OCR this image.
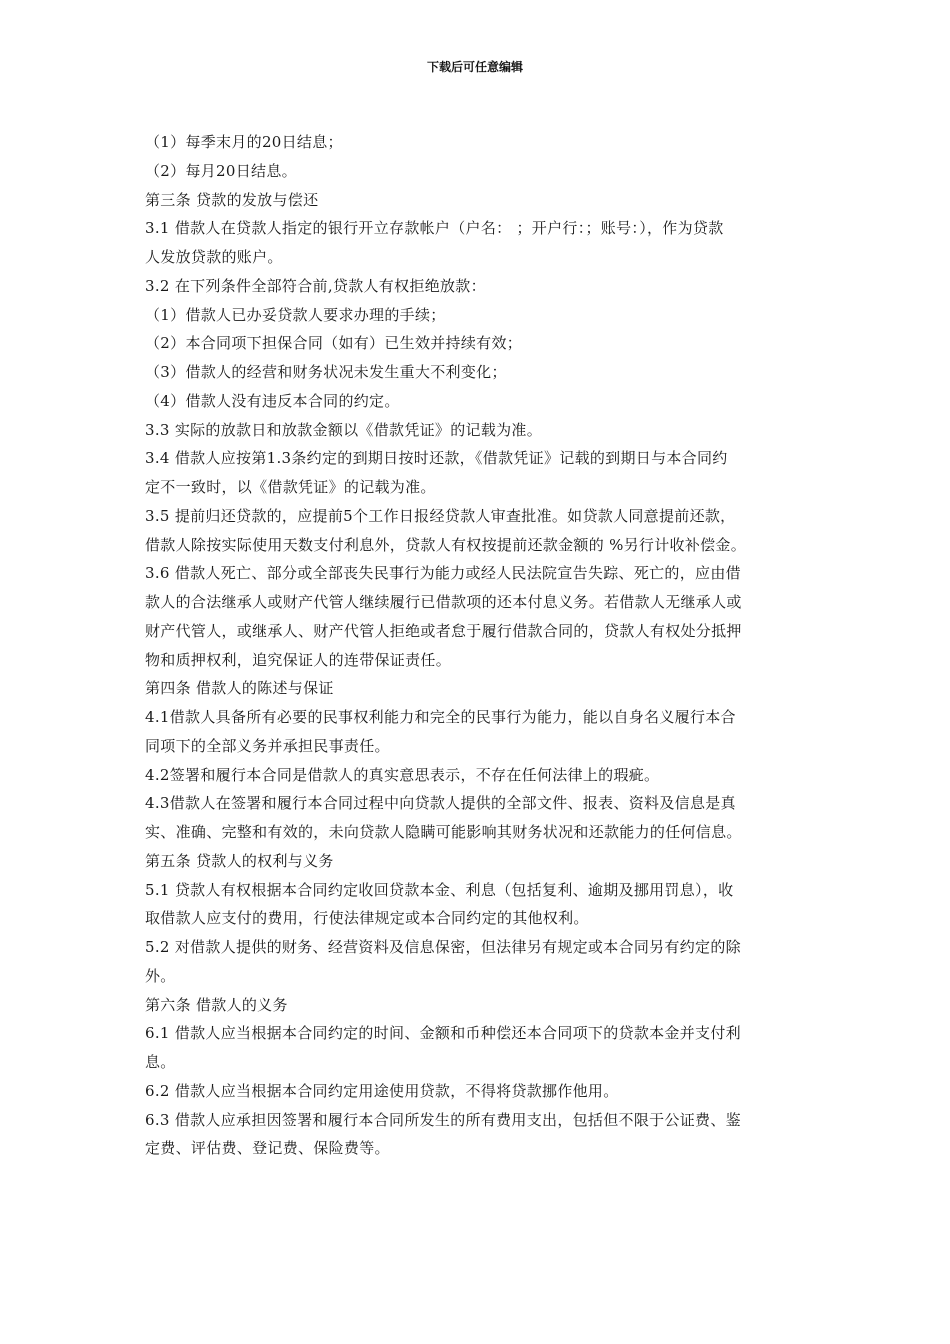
下载后可任意编辑
（1）每季末月的20日结息；
（2）每月20日结息。
第三条 贷款的发放与偿还
3.1 借款人在贷款人指定的银行开立存款帐户（户名： ；开户行：；账号：），作为贷款
人发放贷款的账户。
3.2 在下列条件全部符合前,贷款人有权拒绝放款：
（1）借款人已办妥贷款人要求办理的手续；
（2）本合同项下担保合同（如有）已生效并持续有效；
（3）借款人的经营和财务状况未发生重大不利变化；
（4）借款人没有违反本合同的约定。
3.3 实际的放款日和放款金额以《借款凭证》的记载为准。
3.4 借款人应按第1.3条约定的到期日按时还款，《借款凭证》记载的到期日与本合同约
定不一致时，以《借款凭证》的记载为准。
3.5 提前归还贷款的，应提前5个工作日报经贷款人审查批准。如贷款人同意提前还款，
借款人除按实际使用天数支付利息外，贷款人有权按提前还款金额的 %另行计收补偿金。
3.6 借款人死亡、部分或全部丧失民事行为能力或经人民法院宣告失踪、死亡的，应由借
款人的合法继承人或财产代管人继续履行已借款项的还本付息义务。若借款人无继承人或
财产代管人，或继承人、财产代管人拒绝或者怠于履行借款合同的，贷款人有权处分抵押
物和质押权利，追究保证人的连带保证责任。
第四条 借款人的陈述与保证
4.1借款人具备所有必要的民事权利能力和完全的民事行为能力，能以自身名义履行本合
同项下的全部义务并承担民事责任。
4.2签署和履行本合同是借款人的真实意思表示，不存在任何法律上的瑕疵。
4.3借款人在签署和履行本合同过程中向贷款人提供的全部文件、报表、资料及信息是真
实、准确、完整和有效的，未向贷款人隐瞒可能影响其财务状况和还款能力的任何信息。
第五条 贷款人的权利与义务
5.1 贷款人有权根据本合同约定收回贷款本金、利息（包括复利、逾期及挪用罚息），收
取借款人应支付的费用，行使法律规定或本合同约定的其他权利。
5.2 对借款人提供的财务、经营资料及信息保密，但法律另有规定或本合同另有约定的除
外。
第六条 借款人的义务
6.1 借款人应当根据本合同约定的时间、金额和币种偿还本合同项下的贷款本金并支付利
息。
6.2 借款人应当根据本合同约定用途使用贷款，不得将贷款挪作他用。
6.3 借款人应承担因签署和履行本合同所发生的所有费用支出，包括但不限于公证费、鉴
定费、评估费、登记费、保险费等。
